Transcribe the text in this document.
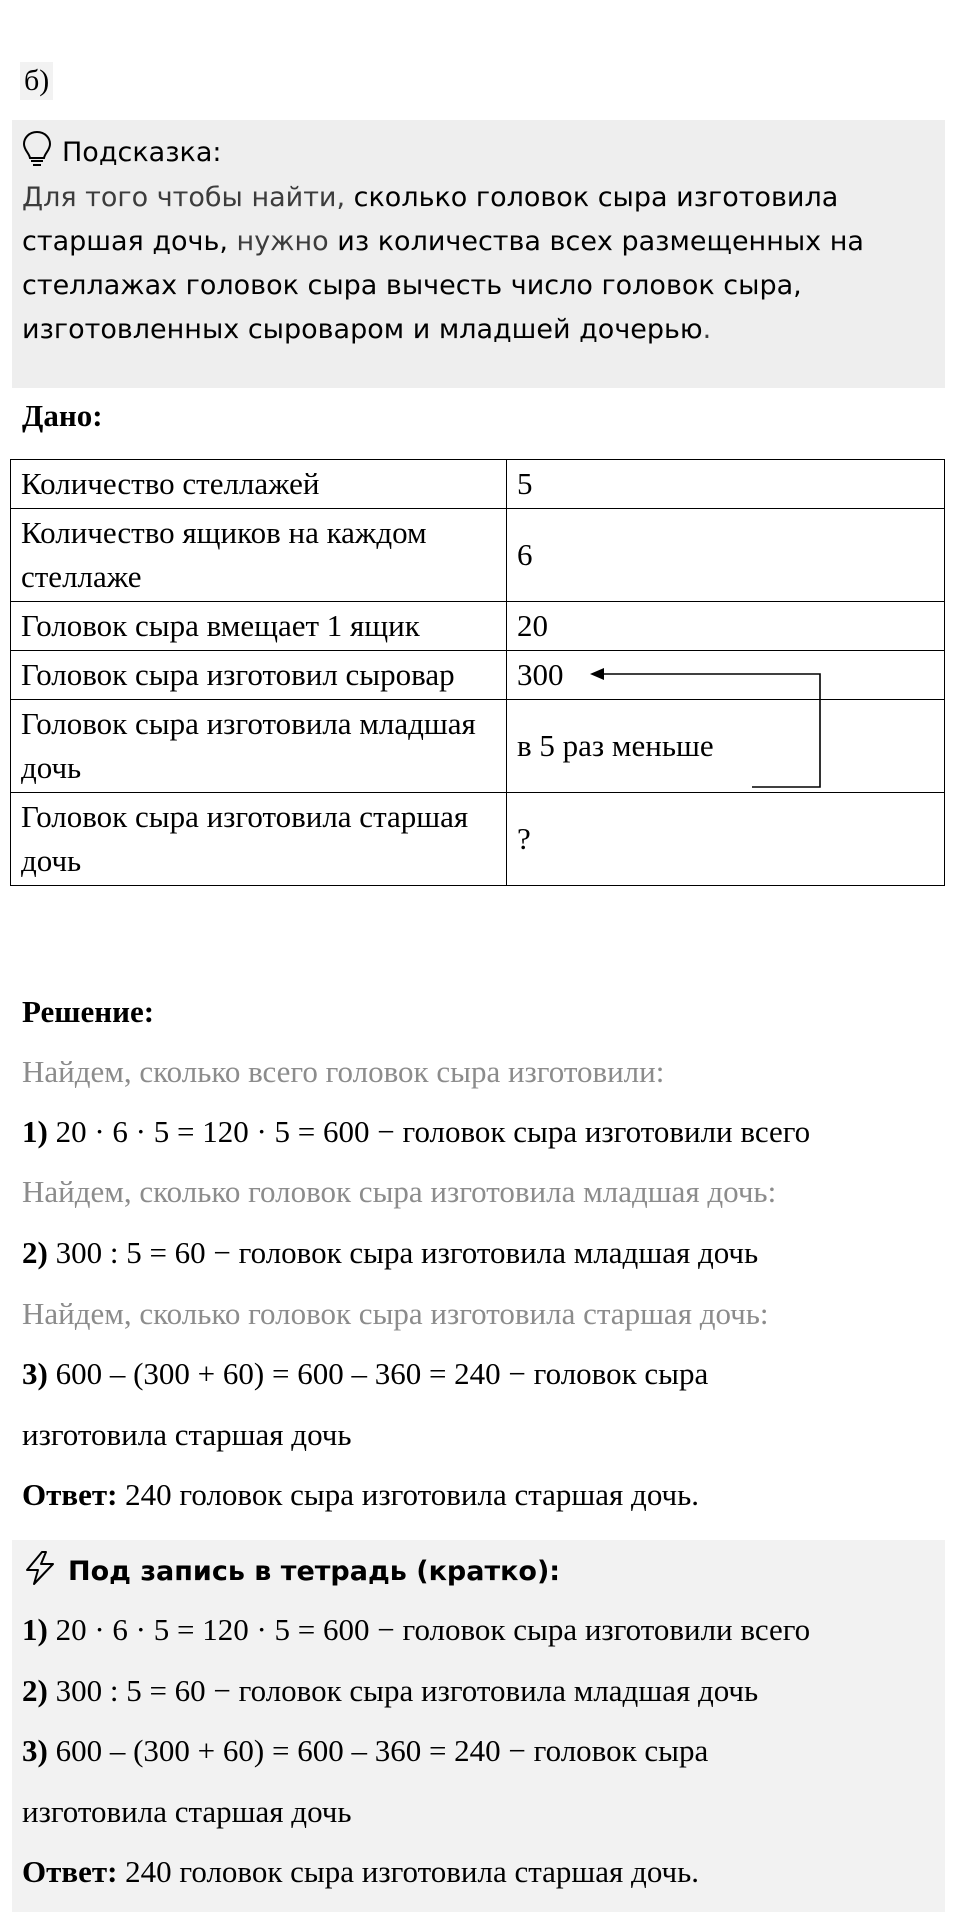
б)
Подсказка:
Для того чтобы найти, сколько головок сыра изготовила старшая дочь, нужно из количества всех размещенных на стеллажах головок сыра вычесть число головок сыра, изготовленных сыроваром и младшей дочерью.
Дано:
Количество стеллажей	5
Количество ящиков на каждом стеллаже	6
Головок сыра вмещает 1 ящик	20
Головок сыра изготовил сыровар	300
Головок сыра изготовила младшая дочь	в 5 раз меньше
Головок сыра изготовила старшая дочь	?
Решение:
Найдем, сколько всего головок сыра изготовили:
1) 20 · 6 · 5 = 120 · 5 = 600 − головок сыра изготовили всего
Найдем, сколько головок сыра изготовила младшая дочь:
2) 300 : 5 = 60 − головок сыра изготовила младшая дочь
Найдем, сколько головок сыра изготовила старшая дочь:
3) 600 – (300 + 60) = 600 – 360 = 240 − головок сыра
изготовила старшая дочь
Ответ: 240 головок сыра изготовила старшая дочь.
Под запись в тетрадь (кратко):
1) 20 · 6 · 5 = 120 · 5 = 600 − головок сыра изготовили всего
2) 300 : 5 = 60 − головок сыра изготовила младшая дочь
3) 600 – (300 + 60) = 600 – 360 = 240 − головок сыра
изготовила старшая дочь
Ответ: 240 головок сыра изготовила старшая дочь.
